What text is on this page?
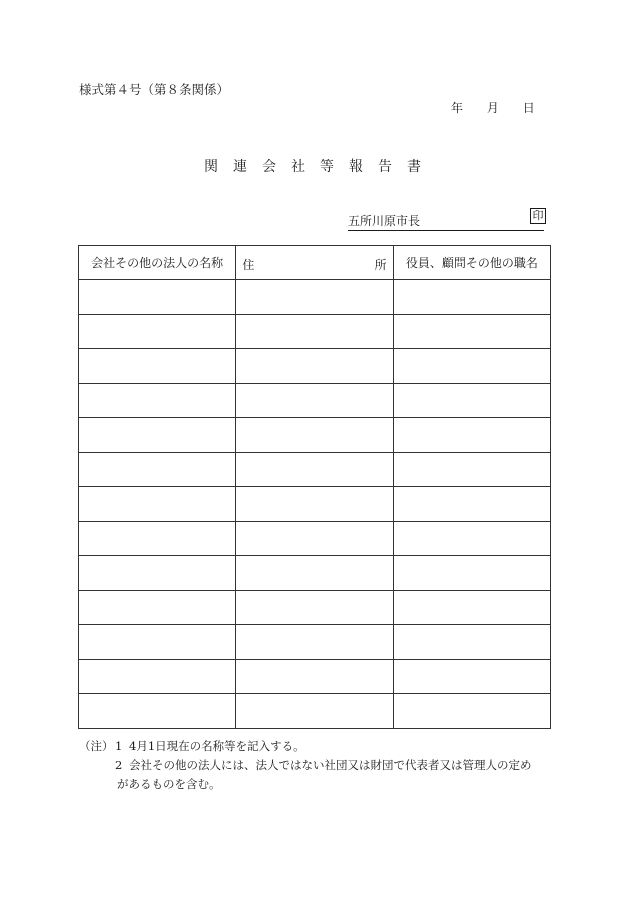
様式第４号（第８条関係）
年 月 日
関 連 会 社 等 報 告 書
五所川原市長	印
会社その他の法人の名称	住 所	役員、顧問その他の職名

（注） 1 4月1日現在の名称等を記入する。
2 会社その他の法人には、法人ではない社団又は財団で代表者又は管理人の定め
があるものを含む。
